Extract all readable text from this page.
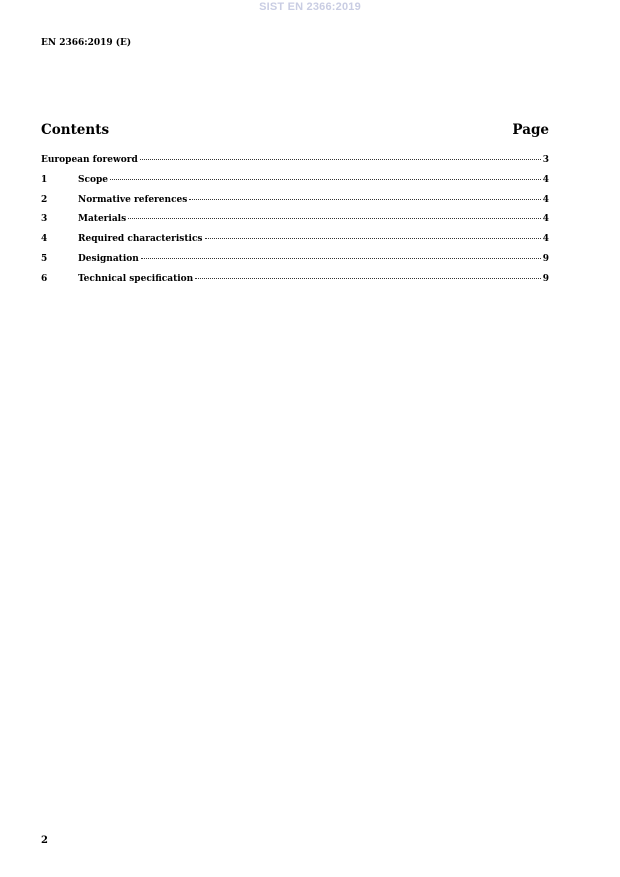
SIST EN 2366:2019
EN 2366:2019 (E)
Contents	Page
European foreword	3
1	Scope	4
2	Normative references	4
3	Materials	4
4	Required characteristics	4
5	Designation	9
6	Technical specification	9
2
